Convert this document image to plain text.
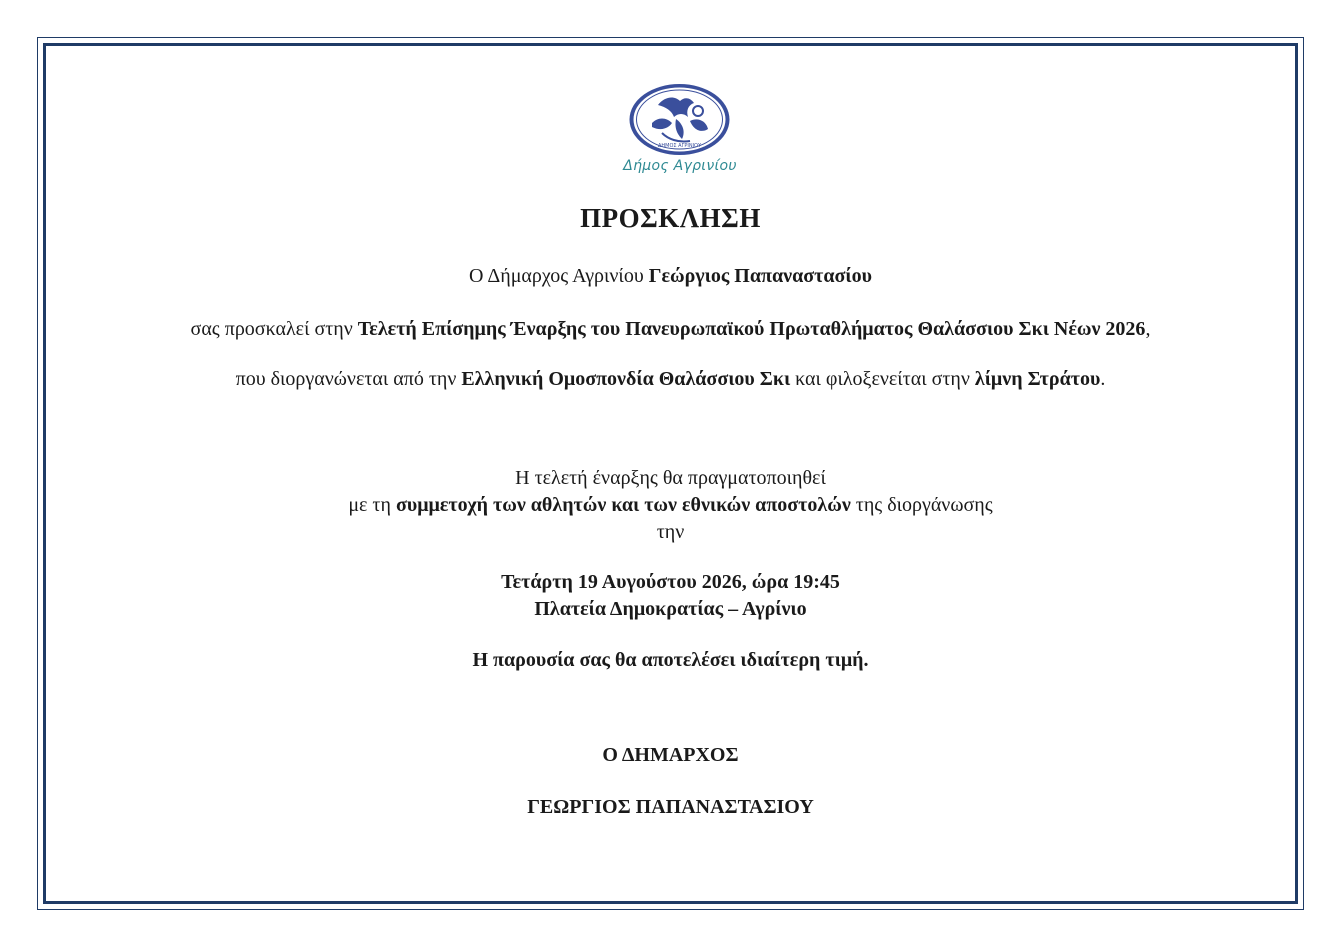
ΔΗΜΟΣ ΑΓΡΙΝΙΟΥ
Δήμος Αγρινίου
ΠΡΟΣΚΛΗΣΗ
Ο Δήμαρχος Αγρινίου Γεώργιος Παπαναστασίου
σας προσκαλεί στην Τελετή Επίσημης Έναρξης του Πανευρωπαϊκού Πρωταθλήματος Θαλάσσιου Σκι Νέων 2026,
που διοργανώνεται από την Ελληνική Ομοσπονδία Θαλάσσιου Σκι και φιλοξενείται στην λίμνη Στράτου.
Η τελετή έναρξης θα πραγματοποιηθεί
με τη συμμετοχή των αθλητών και των εθνικών αποστολών της διοργάνωσης
την
Τετάρτη 19 Αυγούστου 2026, ώρα 19:45
Πλατεία Δημοκρατίας – Αγρίνιο
Η παρουσία σας θα αποτελέσει ιδιαίτερη τιμή.
Ο ΔΗΜΑΡΧΟΣ
ΓΕΩΡΓΙΟΣ ΠΑΠΑΝΑΣΤΑΣΙΟΥ
